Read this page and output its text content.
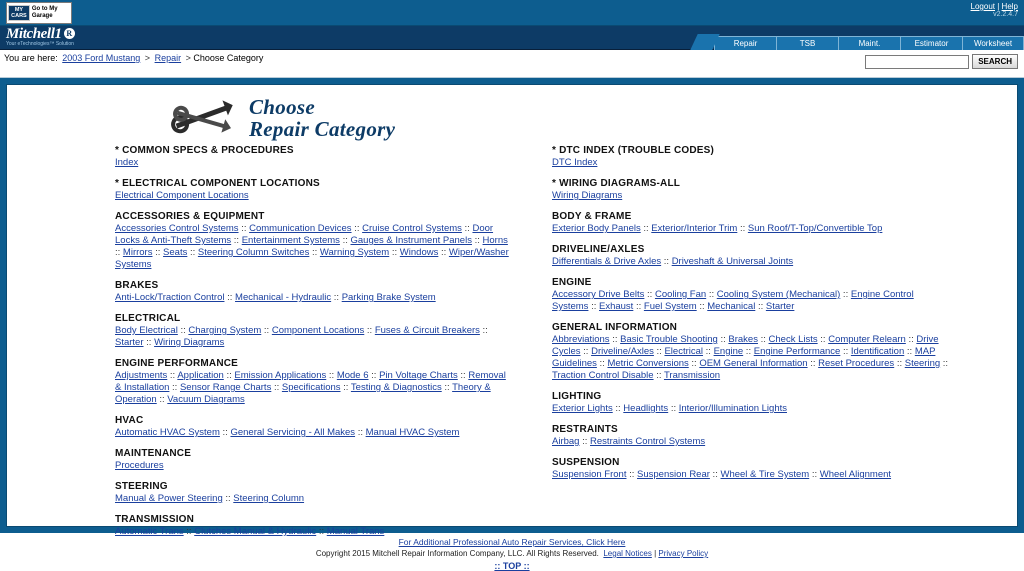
MY CARS
Go to My Garage
Logout | Help
v2.2.4.7
Mitchell1 R
Your eTechnologies™ Solution	Repair	TSB	Maint.	Estimator	Worksheet
You are here: 2003 Ford Mustang > Repair > Choose Category	SEARCH
Choose
Repair Category
* COMMON SPECS & PROCEDURES
Index
* ELECTRICAL COMPONENT LOCATIONS
Electrical Component Locations
ACCESSORIES & EQUIPMENT
Accessories Control Systems :: Communication Devices :: Cruise Control Systems :: Door Locks & Anti-Theft Systems :: Entertainment Systems :: Gauges & Instrument Panels :: Horns :: Mirrors :: Seats :: Steering Column Switches :: Warning System :: Windows :: Wiper/Washer Systems
BRAKES
Anti-Lock/Traction Control :: Mechanical - Hydraulic :: Parking Brake System
ELECTRICAL
Body Electrical :: Charging System :: Component Locations :: Fuses & Circuit Breakers :: Starter :: Wiring Diagrams
ENGINE PERFORMANCE
Adjustments :: Application :: Emission Applications :: Mode 6 :: Pin Voltage Charts :: Removal & Installation :: Sensor Range Charts :: Specifications :: Testing & Diagnostics :: Theory & Operation :: Vacuum Diagrams
HVAC
Automatic HVAC System :: General Servicing - All Makes :: Manual HVAC System
MAINTENANCE
Procedures
STEERING
Manual & Power Steering :: Steering Column
TRANSMISSION
Automatic Trans :: Clutches Manual & Hydraulic :: Manual Trans
* DTC INDEX (TROUBLE CODES)
DTC Index
* WIRING DIAGRAMS-ALL
Wiring Diagrams
BODY & FRAME
Exterior Body Panels :: Exterior/Interior Trim :: Sun Roof/T-Top/Convertible Top
DRIVELINE/AXLES
Differentials & Drive Axles :: Driveshaft & Universal Joints
ENGINE
Accessory Drive Belts :: Cooling Fan :: Cooling System (Mechanical) :: Engine Control Systems :: Exhaust :: Fuel System :: Mechanical :: Starter
GENERAL INFORMATION
Abbreviations :: Basic Trouble Shooting :: Brakes :: Check Lists :: Computer Relearn :: Drive Cycles :: Driveline/Axles :: Electrical :: Engine :: Engine Performance :: Identification :: MAP Guidelines :: Metric Conversions :: OEM General Information :: Reset Procedures :: Steering :: Traction Control Disable :: Transmission
LIGHTING
Exterior Lights :: Headlights :: Interior/Illumination Lights
RESTRAINTS
Airbag :: Restraints Control Systems
SUSPENSION
Suspension Front :: Suspension Rear :: Wheel & Tire System :: Wheel Alignment
For Additional Professional Auto Repair Services, Click Here
Copyright 2015 Mitchell Repair Information Company, LLC. All Rights Reserved. Legal Notices | Privacy Policy
:: TOP ::
